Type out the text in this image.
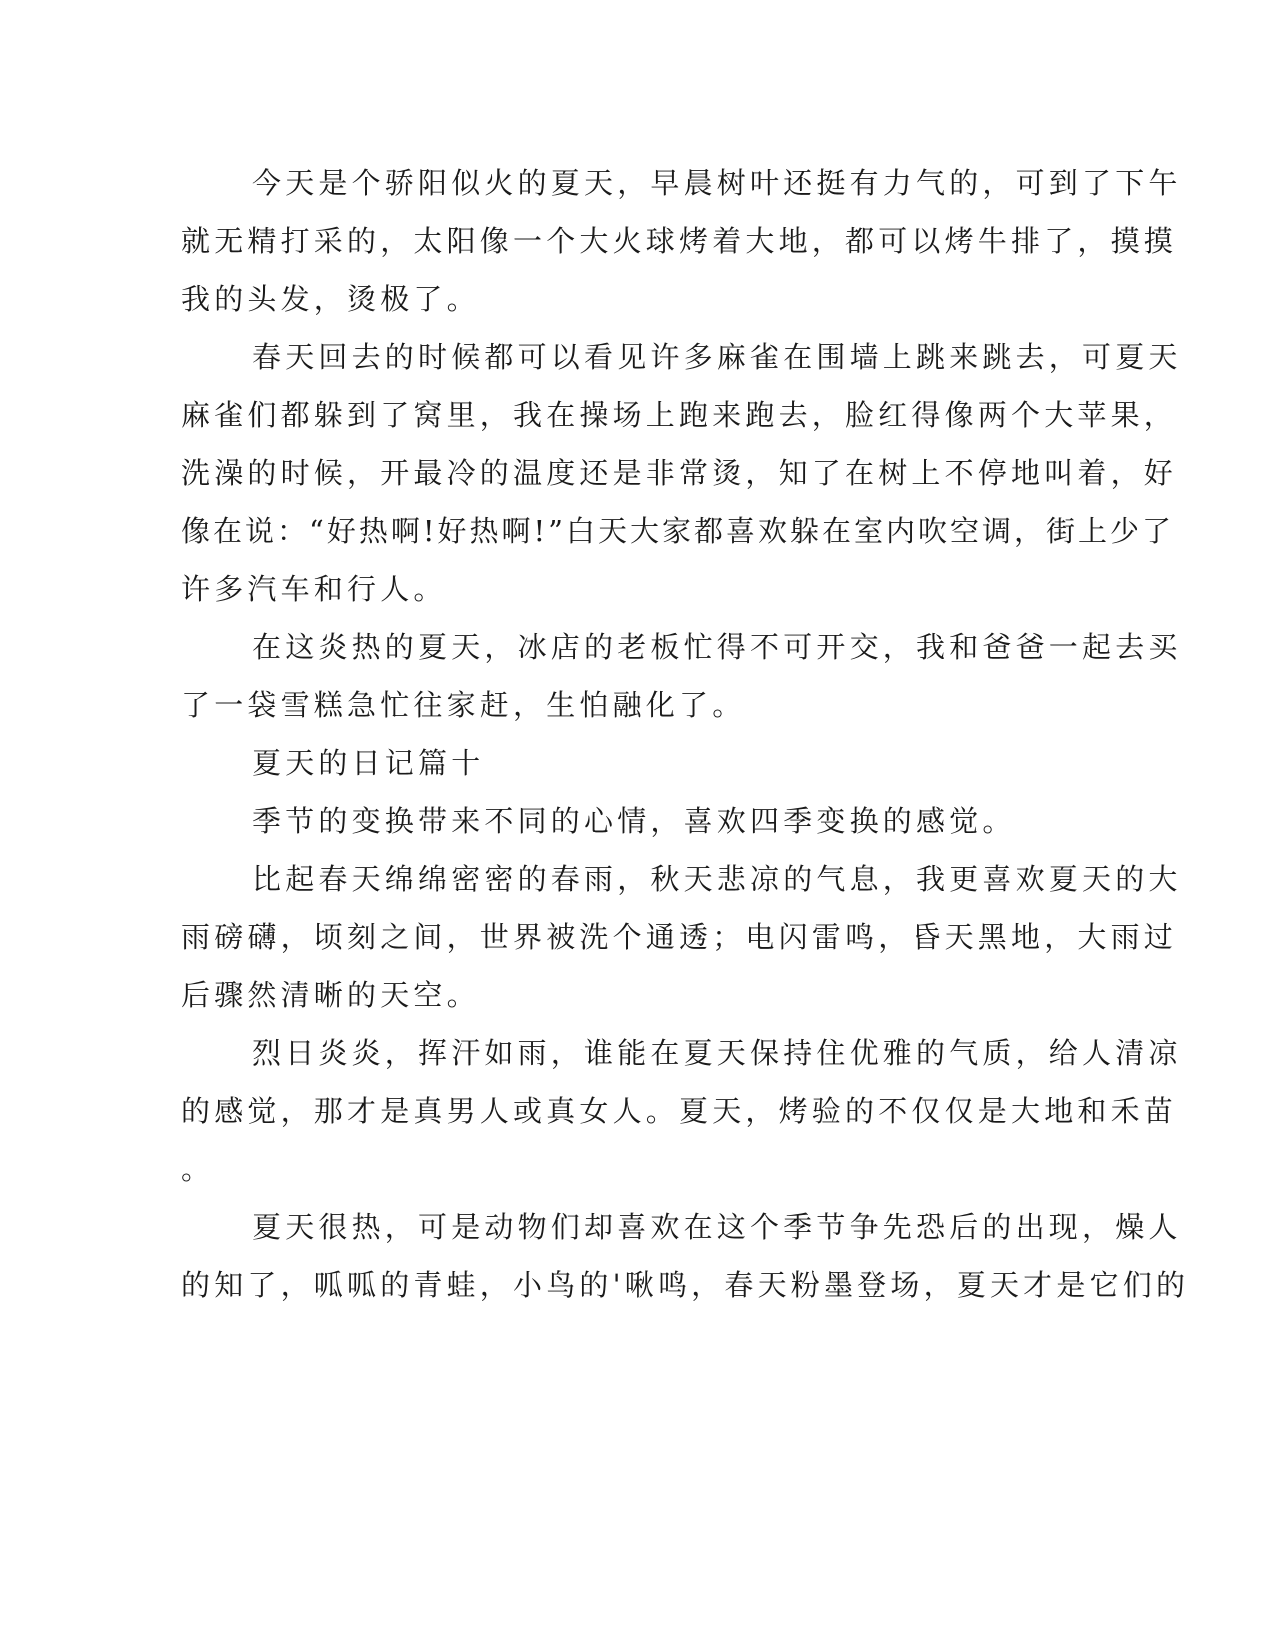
今天是个骄阳似火的夏天，早晨树叶还挺有力气的，可到了下午
就无精打采的，太阳像一个大火球烤着大地，都可以烤牛排了，摸摸
我的头发，烫极了。
春天回去的时候都可以看见许多麻雀在围墙上跳来跳去，可夏天
麻雀们都躲到了窝里，我在操场上跑来跑去，脸红得像两个大苹果，
洗澡的时候，开最冷的温度还是非常烫，知了在树上不停地叫着，好
像在说：“好热啊!好热啊!”白天大家都喜欢躲在室内吹空调，街上少了
许多汽车和行人。
在这炎热的夏天，冰店的老板忙得不可开交，我和爸爸一起去买
了一袋雪糕急忙往家赶，生怕融化了。
夏天的日记篇十
季节的变换带来不同的心情，喜欢四季变换的感觉。
比起春天绵绵密密的春雨，秋天悲凉的气息，我更喜欢夏天的大
雨磅礴，顷刻之间，世界被洗个通透；电闪雷鸣，昏天黑地，大雨过
后骤然清晰的天空。
烈日炎炎，挥汗如雨，谁能在夏天保持住优雅的气质，给人清凉
的感觉，那才是真男人或真女人。夏天，烤验的不仅仅是大地和禾苗
。
夏天很热，可是动物们却喜欢在这个季节争先恐后的出现，燥人
的知了，呱呱的青蛙，小鸟的'啾鸣，春天粉墨登场，夏天才是它们的
